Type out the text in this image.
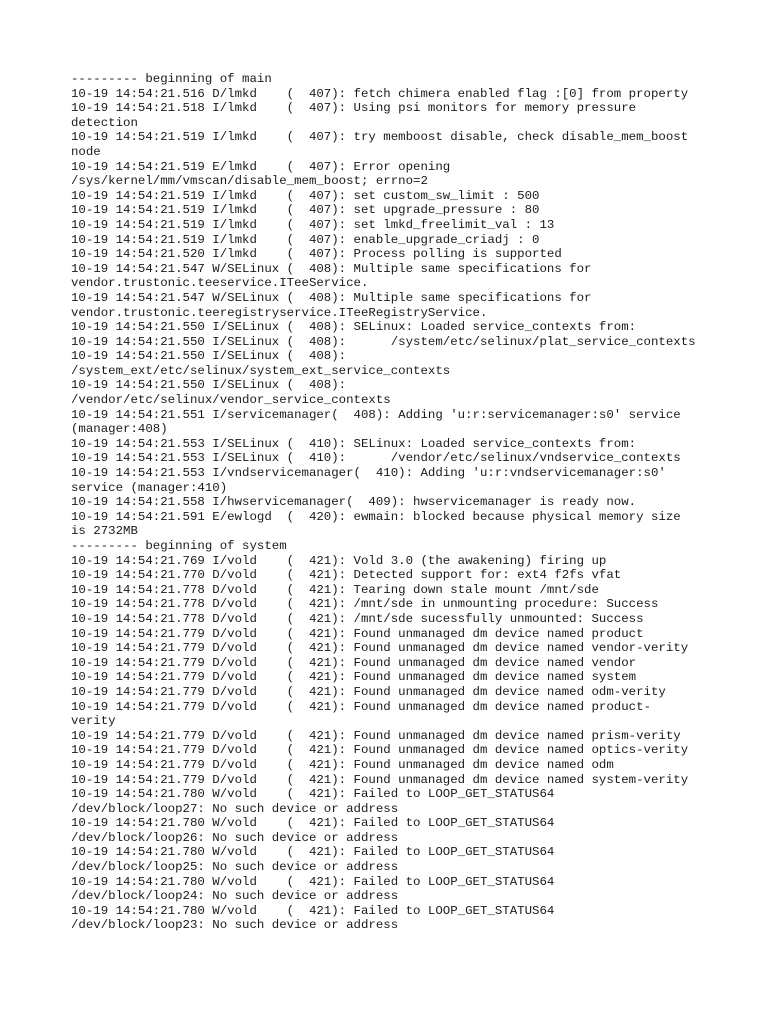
--------- beginning of main
10-19 14:54:21.516 D/lmkd    (  407): fetch chimera enabled flag :[0] from property
10-19 14:54:21.518 I/lmkd    (  407): Using psi monitors for memory pressure
detection
10-19 14:54:21.519 I/lmkd    (  407): try memboost disable, check disable_mem_boost
node
10-19 14:54:21.519 E/lmkd    (  407): Error opening
/sys/kernel/mm/vmscan/disable_mem_boost; errno=2
10-19 14:54:21.519 I/lmkd    (  407): set custom_sw_limit : 500
10-19 14:54:21.519 I/lmkd    (  407): set upgrade_pressure : 80
10-19 14:54:21.519 I/lmkd    (  407): set lmkd_freelimit_val : 13
10-19 14:54:21.519 I/lmkd    (  407): enable_upgrade_criadj : 0
10-19 14:54:21.520 I/lmkd    (  407): Process polling is supported
10-19 14:54:21.547 W/SELinux (  408): Multiple same specifications for
vendor.trustonic.teeservice.ITeeService.
10-19 14:54:21.547 W/SELinux (  408): Multiple same specifications for
vendor.trustonic.teeregistryservice.ITeeRegistryService.
10-19 14:54:21.550 I/SELinux (  408): SELinux: Loaded service_contexts from:
10-19 14:54:21.550 I/SELinux (  408):      /system/etc/selinux/plat_service_contexts
10-19 14:54:21.550 I/SELinux (  408):
/system_ext/etc/selinux/system_ext_service_contexts
10-19 14:54:21.550 I/SELinux (  408):
/vendor/etc/selinux/vendor_service_contexts
10-19 14:54:21.551 I/servicemanager(  408): Adding 'u:r:servicemanager:s0' service
(manager:408)
10-19 14:54:21.553 I/SELinux (  410): SELinux: Loaded service_contexts from:
10-19 14:54:21.553 I/SELinux (  410):      /vendor/etc/selinux/vndservice_contexts
10-19 14:54:21.553 I/vndservicemanager(  410): Adding 'u:r:vndservicemanager:s0'
service (manager:410)
10-19 14:54:21.558 I/hwservicemanager(  409): hwservicemanager is ready now.
10-19 14:54:21.591 E/ewlogd  (  420): ewmain: blocked because physical memory size
is 2732MB
--------- beginning of system
10-19 14:54:21.769 I/vold    (  421): Vold 3.0 (the awakening) firing up
10-19 14:54:21.770 D/vold    (  421): Detected support for: ext4 f2fs vfat
10-19 14:54:21.778 D/vold    (  421): Tearing down stale mount /mnt/sde
10-19 14:54:21.778 D/vold    (  421): /mnt/sde in unmounting procedure: Success
10-19 14:54:21.778 D/vold    (  421): /mnt/sde sucessfully unmounted: Success
10-19 14:54:21.779 D/vold    (  421): Found unmanaged dm device named product
10-19 14:54:21.779 D/vold    (  421): Found unmanaged dm device named vendor-verity
10-19 14:54:21.779 D/vold    (  421): Found unmanaged dm device named vendor
10-19 14:54:21.779 D/vold    (  421): Found unmanaged dm device named system
10-19 14:54:21.779 D/vold    (  421): Found unmanaged dm device named odm-verity
10-19 14:54:21.779 D/vold    (  421): Found unmanaged dm device named product-
verity
10-19 14:54:21.779 D/vold    (  421): Found unmanaged dm device named prism-verity
10-19 14:54:21.779 D/vold    (  421): Found unmanaged dm device named optics-verity
10-19 14:54:21.779 D/vold    (  421): Found unmanaged dm device named odm
10-19 14:54:21.779 D/vold    (  421): Found unmanaged dm device named system-verity
10-19 14:54:21.780 W/vold    (  421): Failed to LOOP_GET_STATUS64
/dev/block/loop27: No such device or address
10-19 14:54:21.780 W/vold    (  421): Failed to LOOP_GET_STATUS64
/dev/block/loop26: No such device or address
10-19 14:54:21.780 W/vold    (  421): Failed to LOOP_GET_STATUS64
/dev/block/loop25: No such device or address
10-19 14:54:21.780 W/vold    (  421): Failed to LOOP_GET_STATUS64
/dev/block/loop24: No such device or address
10-19 14:54:21.780 W/vold    (  421): Failed to LOOP_GET_STATUS64
/dev/block/loop23: No such device or address
